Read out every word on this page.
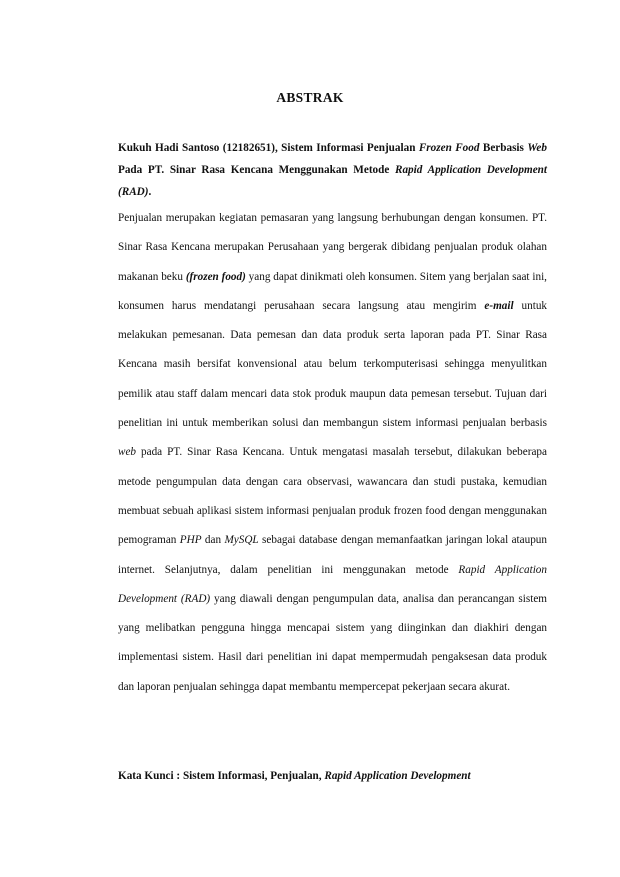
ABSTRAK
Kukuh Hadi Santoso (12182651), Sistem Informasi Penjualan Frozen Food Berbasis Web Pada PT. Sinar Rasa Kencana Menggunakan Metode Rapid Application Development (RAD).
Penjualan merupakan kegiatan pemasaran yang langsung berhubungan dengan konsumen. PT. Sinar Rasa Kencana merupakan Perusahaan yang bergerak dibidang penjualan produk olahan makanan beku (frozen food) yang dapat dinikmati oleh konsumen. Sitem yang berjalan saat ini, konsumen harus mendatangi perusahaan secara langsung atau mengirim e-mail untuk melakukan pemesanan. Data pemesan dan data produk serta laporan pada PT. Sinar Rasa Kencana masih bersifat konvensional atau belum terkomputerisasi sehingga menyulitkan pemilik atau staff dalam mencari data stok produk maupun data pemesan tersebut. Tujuan dari penelitian ini untuk memberikan solusi dan membangun sistem informasi penjualan berbasis web pada PT. Sinar Rasa Kencana. Untuk mengatasi masalah tersebut, dilakukan beberapa metode pengumpulan data dengan cara observasi, wawancara dan studi pustaka, kemudian membuat sebuah aplikasi sistem informasi penjualan produk frozen food dengan menggunakan pemograman PHP dan MySQL sebagai database dengan memanfaatkan jaringan lokal ataupun internet. Selanjutnya, dalam penelitian ini menggunakan metode Rapid Application Development (RAD) yang diawali dengan pengumpulan data, analisa dan perancangan sistem yang melibatkan pengguna hingga mencapai sistem yang diinginkan dan diakhiri dengan implementasi sistem. Hasil dari penelitian ini dapat mempermudah pengaksesan data produk dan laporan penjualan sehingga dapat membantu mempercepat pekerjaan secara akurat.
Kata Kunci : Sistem Informasi, Penjualan, Rapid Application Development
